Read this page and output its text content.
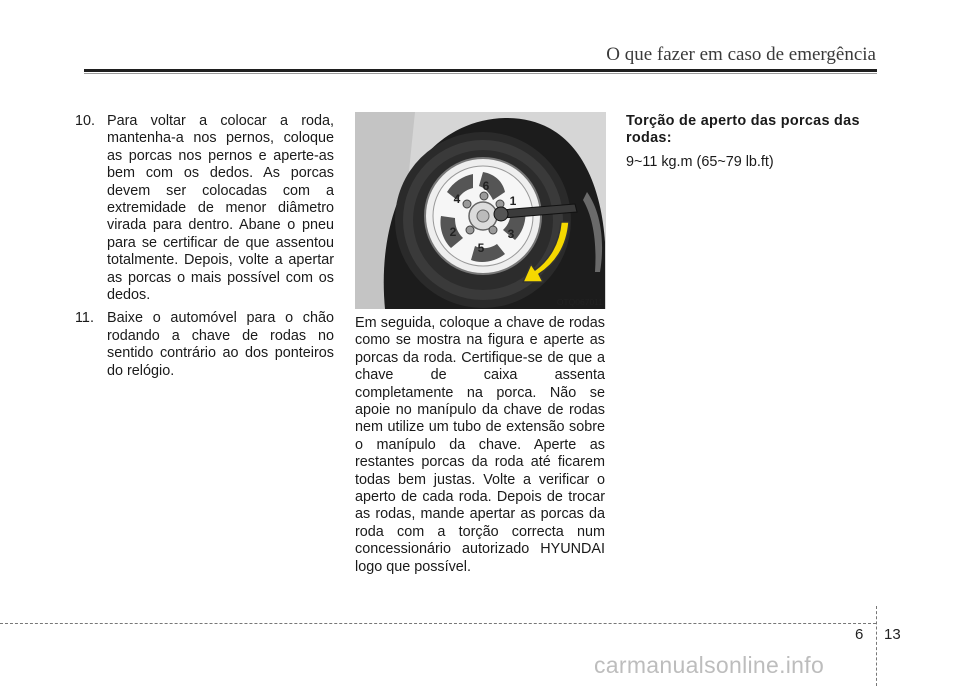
O que fazer em caso de emergência
10. Para voltar a colocar a roda, mantenha-a nos pernos, coloque as porcas nos pernos e aperte-as bem com os dedos. As porcas devem ser colocadas com a extremidade de menor diâmetro virada para dentro. Abane o pneu para se certificar de que assentou totalmente. Depois, volte a apertar as porcas o mais possível com os dedos.
11. Baixe o automóvel para o chão rodando a chave de rodas no sentido contrário ao dos ponteiros do relógio.
1
2	3
4
5
6
OTQ067011

Em seguida, coloque a chave de rodas como se mostra na figura e aperte as porcas da roda. Certifique-se de que a chave de caixa assenta completamente na porca. Não se apoie no manípulo da chave de rodas nem utilize um tubo de extensão sobre o manípulo da chave. Aperte as restantes porcas da roda até ficarem todas bem justas. Volte a verificar o aperto de cada roda. Depois de trocar as rodas, mande apertar as porcas da roda com a torção correcta num concessionário autorizado HYUNDAI logo que possível.

Torção de aperto das porcas das rodas:

9~11 kg.m (65~79 lb.ft)

6 13
carmanualsonline.info
